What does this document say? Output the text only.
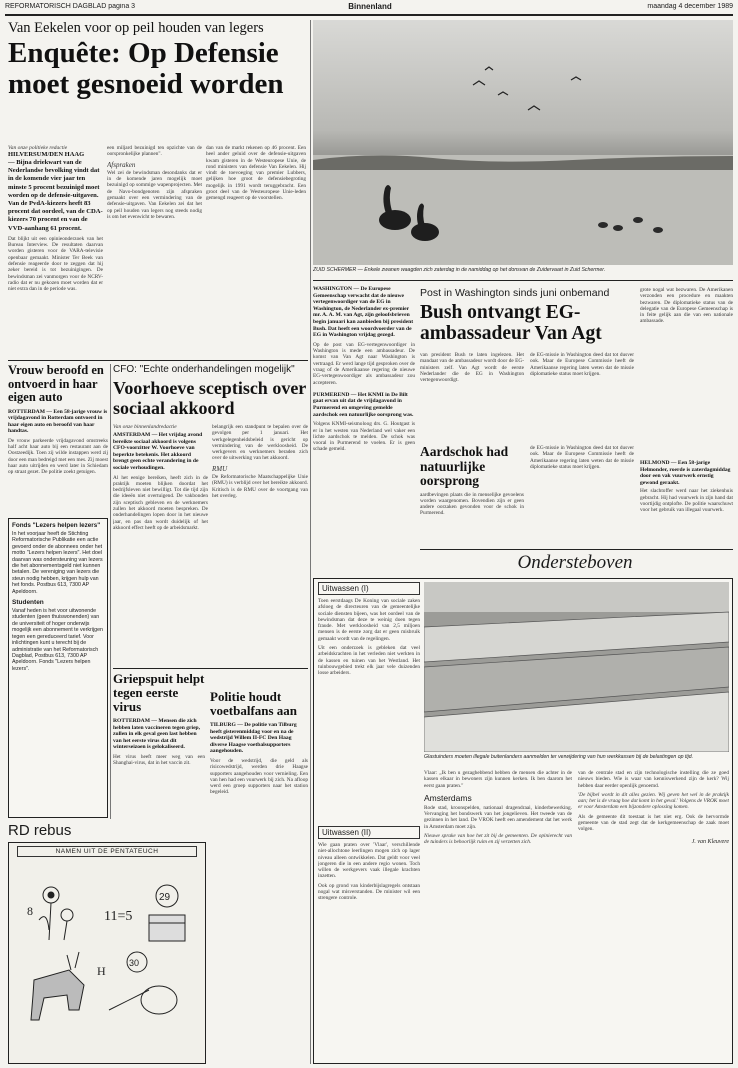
REFORMATORISCH DAGBLAD pagina 3	Binnenland	maandag 4 december 1989
Van Eekelen voor op peil houden van legers
Enquête: Op Defensie moet gesnoeid worden
Van onze politieke redactie
HILVERSUM/DEN HAAG
— Bijna driekwart van de Nederlandse bevolking vindt dat in de komende vier jaar ten minste 5 procent bezuinigd moet worden op de defensie-uitgaven. Van de PvdA-kiezers heeft 83 procent dat oordeel, van de CDA-kiezers 70 procent en van de VVD-aanhang 61 procent.
Dat blijkt uit een opinieonderzoek van het Bureau Interview. De resultaten daarvan worden gisteren voor de VARA-televisie openbaar gemaakt. Minister Ter Beek van defensie reageerde door te zeggen dat hij zeker bereid is tot bezuinigingen. De bewindsman zei vanmorgen voor de NCRV-radio dat er nu gekozen moet worden dat er niet extra dan in de periode was.
een miljard bezuinigd ten opzichte van de oorspronkelijke plannen".
Afspraken
Wel zei de bewindsman desondanks dat er in de komende jaren mogelijk moet bezuinigd op sommige wapenprojecten. Met de Navo-bondgenoten zijn afspraken gemaakt over een vermindering van de defensie-uitgaven. Van Eekelen zei dat het op peil houden van legers nog steeds nodig is om het evenwicht te bewaren.
dan van de markt rekenen op 46 procent. Een heel ander geluid over de defensie-uitgaven kwam gisteren in de Westeuropese Unie, de rond ministers van defensie Van Eekelen. Hij vindt de toevoeging van premier Lubbers, gelijken hoe groot de defensiebegroting mogelijk in 1991 wordt teruggebracht. Een groot deel van de Westeuropese Unie-leden gemengd reageert op de voorstellen.
Vrouw beroofd en ontvoerd in haar eigen auto
ROTTERDAM — Een 58-jarige vrouw is vrijdagavond in Rotterdam ontvoerd in haar eigen auto en beroofd van haar handtas.
De vrouw parkeerde vrijdagavond omstreeks half acht haar auto bij een restaurant aan de Oostzeedijk. Toen zij wilde instappen werd zij door een man bedreigd met een mes. Zij moest haar auto uitrijden en werd later in Schiedam op straat gezet. De politie zoekt getuigen.
Fonds "Lezers helpen lezers"
In het voorjaar heeft de Stichting Reformatorische Publikatie een actie gevoerd onder de abonnees onder het motto "Lezers helpen lezers". Het doel daarvan was ondersteuning van lezers die het abonnementsgeld niet kunnen betalen. De vereniging van lezers die steun nodig hebben, krijgen hulp van het fonds. Postbus 613, 7300 AP Apeldoorn.
Studenten
Vanaf heden is het voor uitwonende studenten (geen thuiswonenden) van de universiteit of hoger onderwijs mogelijk een abonnement te verkrijgen tegen een gereduceerd tarief. Voor inlichtingen kunt u terecht bij de administratie van het Reformatorisch Dagblad, Postbus 613, 7300 AP Apeldoorn. Fonds "Lezers helpen lezers".
CFO: "Echte onderhandelingen mogelijk"
Voorhoeve sceptisch over sociaal akkoord
Van onze binnenlandredactie
AMSTERDAM — Het vrijdag avond bereikte sociaal akkoord is volgens CFO-voorzitter W. Voorhoeve van beperkte betekenis. Het akkoord brengt geen echte verandering in de sociale verhoudingen.
Al het eenige bereiken, heeft zich in de praktijk moeten blijken doordat het bedrijfsleven niet bewilligt. Tot die tijd zijn die ideeën niet overtuigend. De vakbonden zijn sceptisch gebleven en de werknemers zullen het akkoord moeten bespreken. De onderhandelingen lopen door in het nieuwe jaar, en pas dan wordt duidelijk of het akkoord effect heeft op de arbeidsmarkt.
belangrijk een standpunt te bepalen over de gevolgen per 1 januari. Het werkgelegenheidsbeleid is gericht op vermindering van de werkloosheid. De werkgevers en werknemers beraden zich over de uitwerking van het akkoord.
RMU
De Reformatorische Maatschappelijke Unie (RMU) is verblijd over het bereikte akkoord. Kritisch is de RMU over de voortgang van het overleg.
Griepspuit helpt tegen eerste virus
ROTTERDAM — Mensen die zich hebben laten vaccineren tegen griep, zullen in elk geval geen last hebben van het eerste virus dat dit winterseizoen is gelokaliseerd.
Het virus heeft meer weg van een Shanghai-virus, dat in het vaccin zit.
Politie houdt voetbalfans aan
TILBURG — De politie van Tilburg heeft gisterenmiddag voor en na de wedstrijd Willem II-FC Den Haag diverse Haagse voetbalsupporters aangehouden.
Voor de wedstrijd, die geld als risicowedstrijd, werden drie Haagse supporters aangehouden voor vernieling. Een van hen had een vuurwerk bij zich. Na afloop werd een groep supporters naar het station begeleid.
RD rebus
NAMEN UIT DE PENTATEUCH
8
29
11=5
30
H
ZUID SCHERMER — Enkele zwanen waagden zich zaterdag in de namiddag op het donsvan de Zuidervaart in Zuid Schermer.
WASHINGTON — De Europese Gemeenschap verwacht dat de nieuwe vertegenwoordiger van de EG in Washington, de Nederlander ex-premier mr. A. A. M. van Agt, zijn geloofsbrieven begin januari kan aanbieden bij president Bush. Dat heeft een woordvoerder van de EG in Washington vrijdag gezegd.
Op de post van EG-vertegenwoordiger in Washington is mede een ambassadeur. De komst van Van Agt naar Washington is vertraagd. Er werd lange tijd gesproken over de vraag of de Amerikaanse regering de nieuwe EG-vertegenwoordiger als ambassadeur zou accepteren.
PURMEREND — Het KNMI in De Bilt gaat ervan uit dat de vrijdagavond in Purmerend en omgeving gemelde aardschok een natuurlijke oorsprong was.
Volgens KNMI-seismoloog drs. G. Houtgast is er in het westen van Nederland wel vaker een lichte aardschok te melden. De schok was vooral in Purmerend te voelen. Er is geen schade gemeld.
Post in Washington sinds juni onbemand
Bush ontvangt EG-ambassadeur Van Agt
van president Bush te laten ingelezen. Het mandaat van de ambassadeur wordt door de EG-ministers zelf. Van Agt wordt de eerste Nederlander die de EG in Washington vertegenwoordigt.
de EG-missie in Washington deed dat tot dusver ook. Maar de Europese Commissie heeft de Amerikaanse regering laten weten dat de missie diplomatieke status moet krijgen.
grote nogal wat bezwaren. De Amerikanen verzonden een procedure en maakten bezwaren. De diplomatieke status van de delegatie van de Europese Gemeenschap is in feite gelijk aan die van een nationale ambassade.
Aardschok had natuurlijke oorsprong
aardbevingen plaats die in menselijke gevoelens worden waargenomen. Bovendien zijn er geen andere oorzaken gevonden voor de schok in Purmerend.
de EG-missie in Washington deed dat tot dusver ook. Maar de Europese Commissie heeft de Amerikaanse regering laten weten dat de missie diplomatieke status moet krijgen.
HELMOND — Een 58-jarige Helmonder, roerde is zaterdagmiddag door een vak vuurwerk ernstig gewond geraakt.
Het slachtoffer werd naar het ziekenhuis gebracht. Hij had vuurwerk in zijn hand dat voortijdig ontplofte. De politie waarschuwt voor het gebruik van illegaal vuurwerk.
Ondersteboven
Uitwassen (I)
Toen eerstdaags De Koning van sociale zaken afsloeg de directeuren van de gemeentelijke sociale diensten bijeen, was het oordeel van de bewindsman dat deze te weinig doen tegen fraude. Met werkloosheid van 2,5 miljoen mensen is de eerste zorg dat er geen misbruik gemaakt wordt van de regelingen.
Uit een onderzoek is gebleken dat veel arbeidskrachten in het verleden niet werkten in de kassen en tuinen van het Westland. Het tuinbouwgebied trekt elk jaar vele duizenden losse arbeiders.
Glastuinders moeten illegale buitenlanders aanmelden ter verwijdering van hun werkkassen bij de belastingen op tijd.
Uitwassen (II)
Wie gaan praten over 'Vlaar', verschillende niet-allochtone leerlingen mogen zich op lager niveau alleen ontwikkelen. Dat geldt voor veel jongeren die in een andere regio wonen. Toch willen de werkgevers vaak illegale krachten inzetten.
Ook op grond van kinderbijslagregels ontstaan nogal wat misverstanden. De minister wil een strengere controle.
Vlaar: „Ik ben u gezaghebbend hebben de mensen die achter in de kassen elkaar in bewoners zijn kunnen kerken. Ik ben daarom het eerst gaan praten."
Amsterdams
Rode stad, kroonspelden, nationaal dragendraai, kinderbewerking. Vervanging het bondswerk van het jongelieven. Het tweede van de gezinnen in het land. De VROK heeft een amendement dat het werk in Amsterdam moet zijn.
Nieuwe sprake van hoe het zit bij de gemeenten. De opinierecht van de tuinders is behoorlijk ruim en zij verzetten zich.
van de centrale stad en zijn technologische instelling die ze goed nieuws bieden. Wie is waar van kenniswerkend zijn de kerk? Wij hebben daar eerder openlijk genoemd.
'De bijbel wordt in dit alles gezien. Wij geven het wel in de praktijk aan; het is de vraag hoe dat komt in het geval.' Volgens de VROK moet er voor Amsterdam een bijzondere oplossing komen.
Als de gemeente dit toestaat is het niet erg. Ook de hervormde gemeente van de stad zegt dat de kerkgemeenschap de zaak moet volgen.
J. van Kleuvere
